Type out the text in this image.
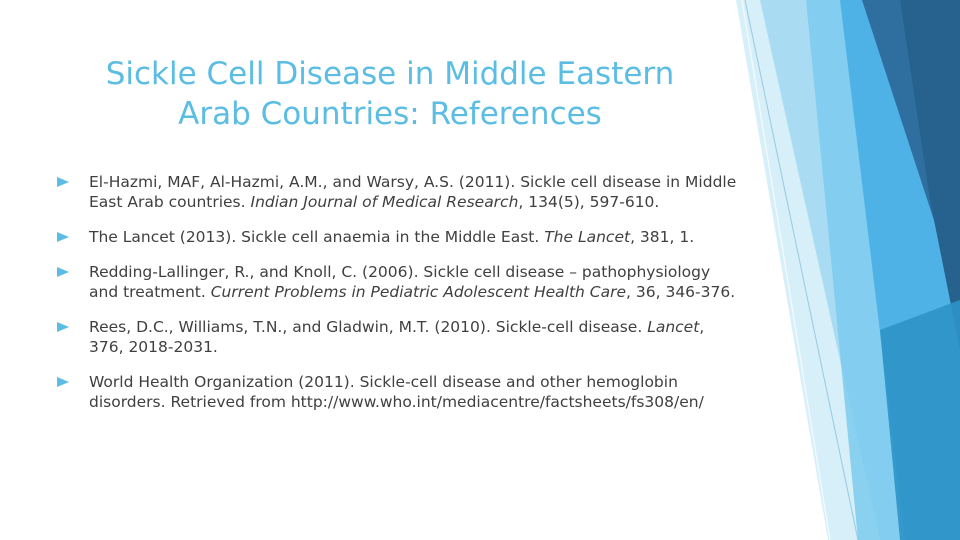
Sickle Cell Disease in Middle Eastern
Arab Countries: References
El-Hazmi, MAF, Al-Hazmi, A.M., and Warsy, A.S. (2011). Sickle cell disease in Middle East Arab countries. Indian Journal of Medical Research, 134(5), 597-610.
The Lancet (2013). Sickle cell anaemia in the Middle East. The Lancet, 381, 1.
Redding-Lallinger, R., and Knoll, C. (2006). Sickle cell disease – pathophysiology and treatment. Current Problems in Pediatric Adolescent Health Care, 36, 346-376.
Rees, D.C., Williams, T.N., and Gladwin, M.T. (2010). Sickle-cell disease. Lancet, 376, 2018-2031.
World Health Organization (2011). Sickle-cell disease and other hemoglobin disorders. Retrieved from http://www.who.int/mediacentre/factsheets/fs308/en/
